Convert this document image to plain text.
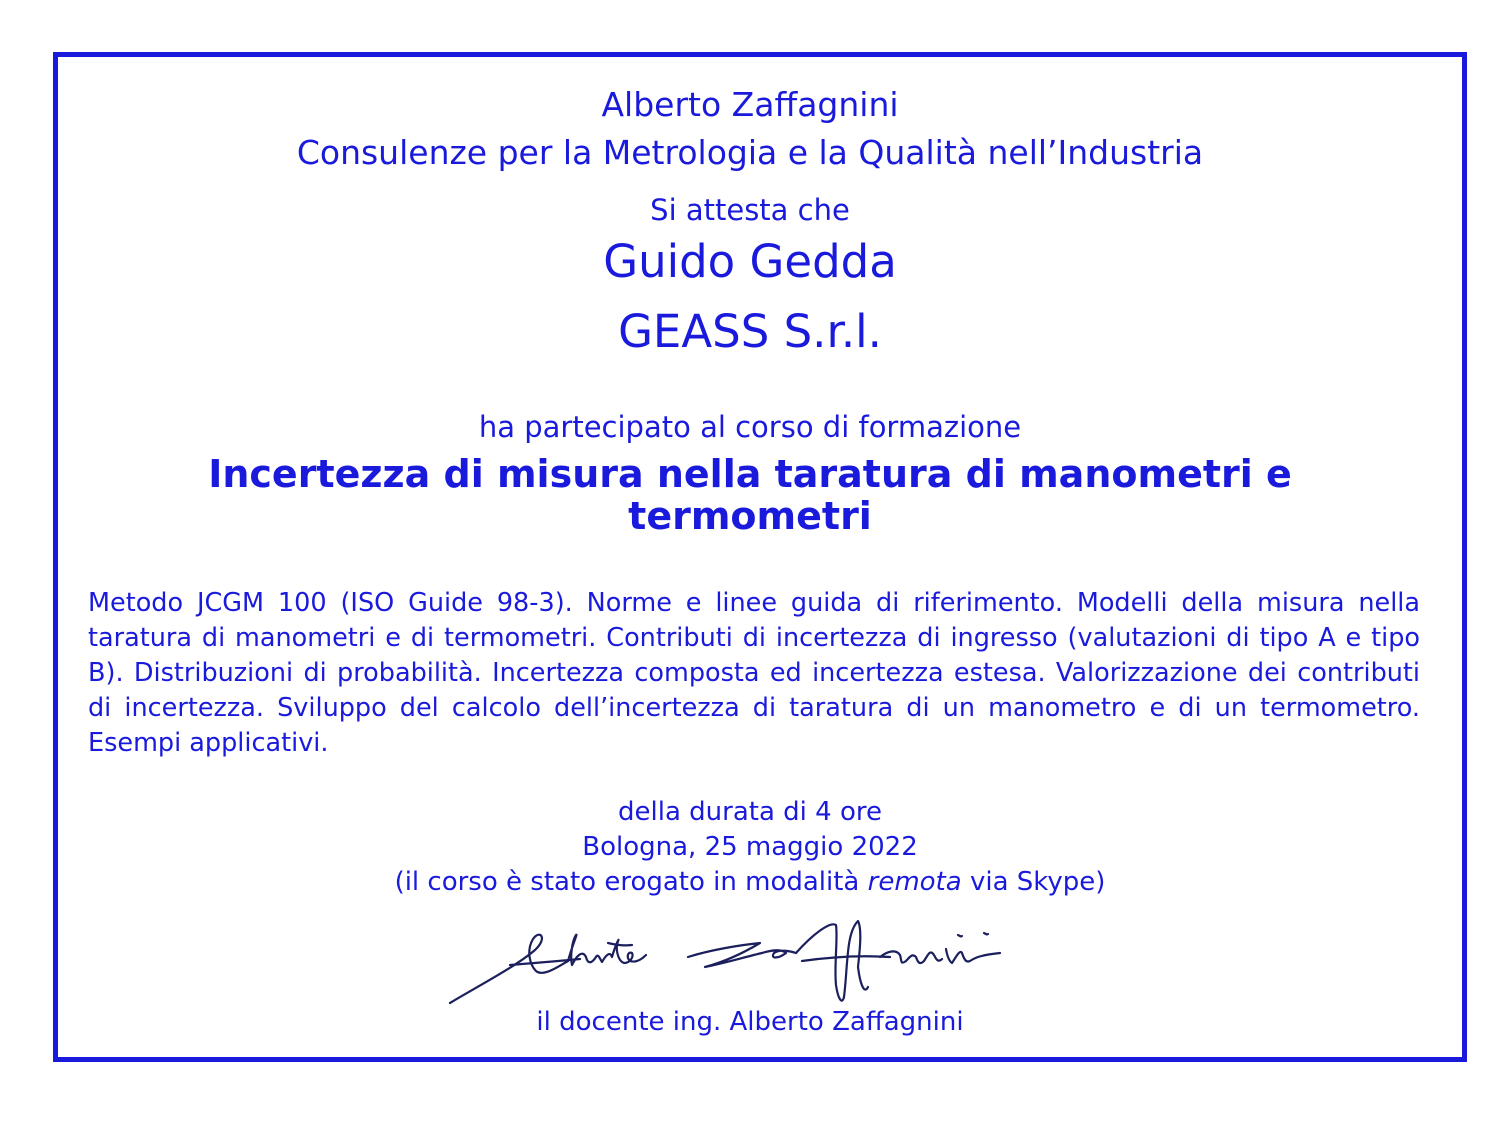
Alberto Zaffagnini
Consulenze per la Metrologia e la Qualità nell’Industria
Si attesta che
Guido Gedda
GEASS S.r.l.
ha partecipato al corso di formazione
Incertezza di misura nella taratura di manometri e termometri
Metodo JCGM 100 (ISO Guide 98-3). Norme e linee guida di riferimento. Modelli della misura nella taratura di manometri e di termometri. Contributi di incertezza di ingresso (valutazioni di tipo A e tipo B). Distribuzioni di probabilità. Incertezza composta ed incertezza estesa. Valorizzazione dei contributi di incertezza. Sviluppo del calcolo dell’incertezza di taratura di un manometro e di un termometro. Esempi applicativi.
della durata di 4 ore
Bologna, 25 maggio 2022
(il corso è stato erogato in modalità remota via Skype)
il docente ing. Alberto Zaffagnini
